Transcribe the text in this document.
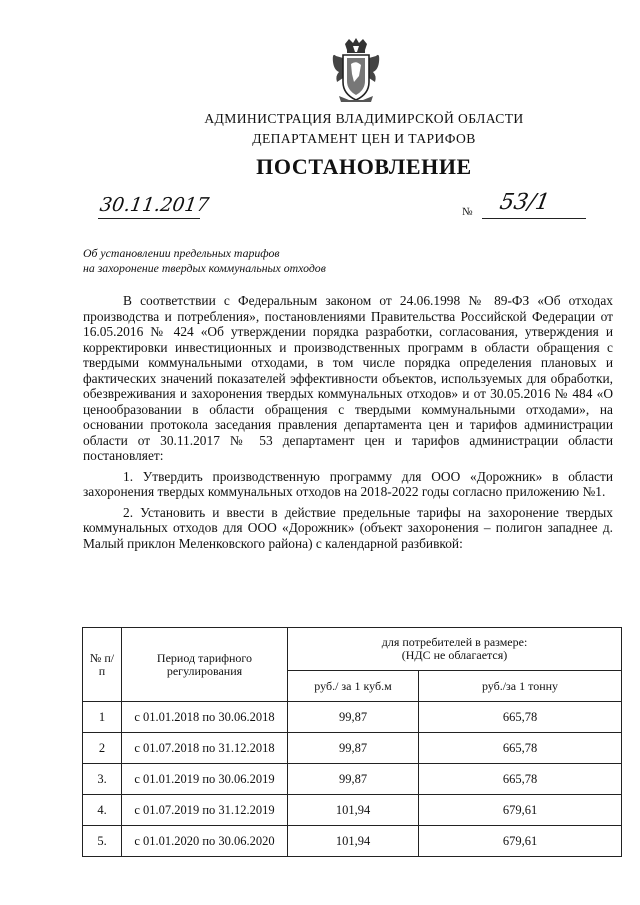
АДМИНИСТРАЦИЯ ВЛАДИМИРСКОЙ ОБЛАСТИ
ДЕПАРТАМЕНТ ЦЕН И ТАРИФОВ
ПОСТАНОВЛЕНИЕ
30.11.2017	№ 53/1
Об установлении предельных тарифов
на захоронение твердых коммунальных отходов

В соответствии с Федеральным законом от 24.06.1998 № 89-ФЗ «Об отходах производства и потребления», постановлениями Правительства Российской Федерации от 16.05.2016 № 424 «Об утверждении порядка разработки, согласования, утверждения и корректировки инвестиционных и производственных программ в области обращения с твердыми коммунальными отходами, в том числе порядка определения плановых и фактических значений показателей эффективности объектов, используемых для обработки, обезвреживания и захоронения твердых коммунальных отходов» и от 30.05.2016 № 484 «О ценообразовании в области обращения с твердыми коммунальными отходами», на основании протокола заседания правления департамента цен и тарифов администрации области от 30.11.2017 № 53 департамент цен и тарифов администрации области постановляет:

1. Утвердить производственную программу для ООО «Дорожник» в области захоронения твердых коммунальных отходов на 2018-2022 годы согласно приложению №1.

2. Установить и ввести в действие предельные тарифы на захоронение твердых коммунальных отходов для ООО «Дорожник» (объект захоронения – полигон западнее д. Малый приклон Меленковского района) с календарной разбивкой:

№ п/п	Период тарифного регулирования	для потребителей в размере:
(НДС не облагается)	

		руб./ за 1 куб.м	руб./за 1 тонну
1	с 01.01.2018 по 30.06.2018	99,87	665,78
2	с 01.07.2018 по 31.12.2018	99,87	665,78
3.	с 01.01.2019 по 30.06.2019	99,87	665,78
4.	с 01.07.2019 по 31.12.2019	101,94	679,61
5.	с 01.01.2020 по 30.06.2020	101,94	679,61
